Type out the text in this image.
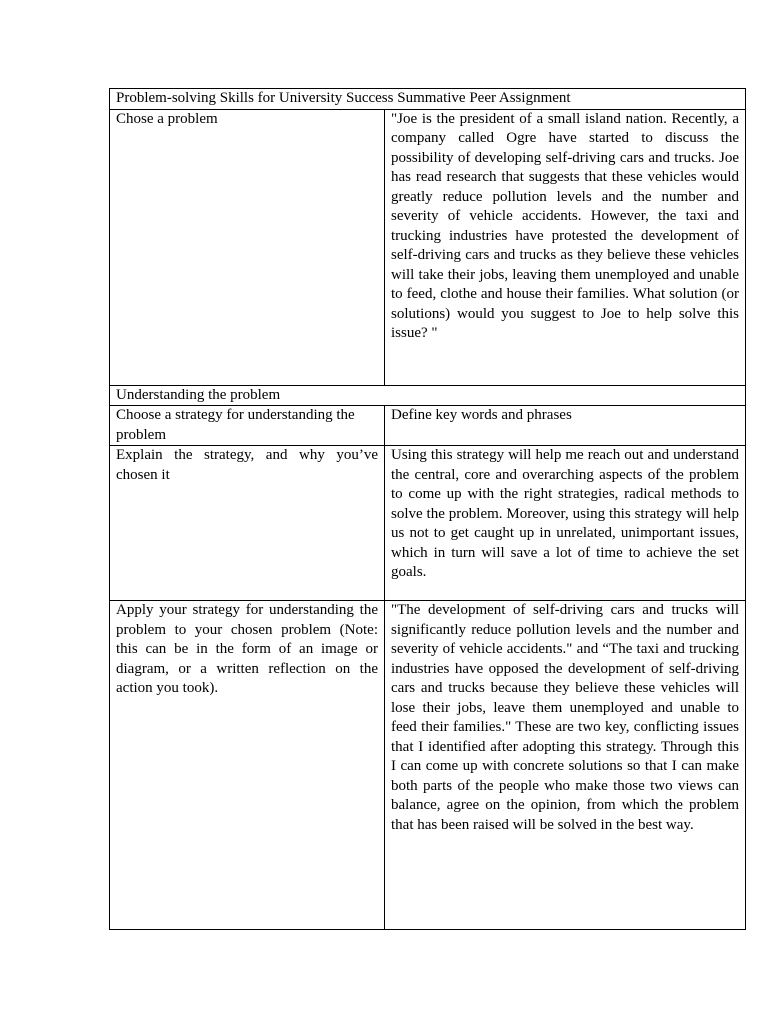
Problem-solving Skills for University Success Summative Peer Assignment	
Chose a problem	"Joe is the president of a small island nation. Recently, a company called Ogre have started to discuss the possibility of developing self-driving cars and trucks. Joe has read research that suggests that these vehicles would greatly reduce pollution levels and the number and severity of vehicle accidents. However, the taxi and trucking industries have protested the development of self-driving cars and trucks as they believe these vehicles will take their jobs, leaving them unemployed and unable to feed, clothe and house their families. What solution (or solutions) would you suggest to Joe to help solve this issue? "
Understanding the problem	
Choose a strategy for understanding the problem	Define key words and phrases
Explain the strategy, and why you’ve chosen it	Using this strategy will help me reach out and understand the central, core and overarching aspects of the problem to come up with the right strategies, radical methods to solve the problem. Moreover, using this strategy will help us not to get caught up in unrelated, unimportant issues, which in turn will save a lot of time to achieve the set goals.
Apply your strategy for understanding the problem to your chosen problem (Note: this can be in the form of an image or diagram, or a written reflection on the action you took).	"The development of self-driving cars and trucks will significantly reduce pollution levels and the number and severity of vehicle accidents." and “The taxi and trucking industries have opposed the development of self-driving cars and trucks because they believe these vehicles will lose their jobs, leave them unemployed and unable to feed their families." These are two key, conflicting issues that I identified after adopting this strategy. Through this I can come up with concrete solutions so that I can make both parts of the people who make those two views can balance, agree on the opinion, from which the problem that has been raised will be solved in the best way.
